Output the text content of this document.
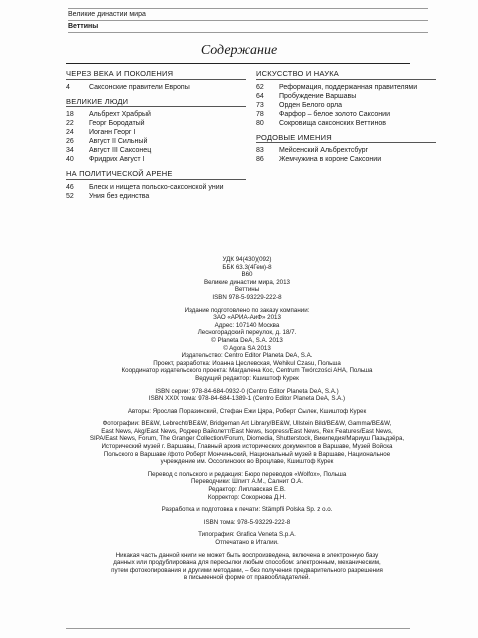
Великие династии мира
Веттины
Содержание
ЧЕРЕЗ ВЕКА И ПОКОЛЕНИЯ
4	Саксонские правители Европы
ВЕЛИКИЕ ЛЮДИ
18	Альбрехт Храбрый
22	Георг Бородатый
24	Иоганн Георг I
26	Август II Сильный
34	Август III Саксонец
40	Фридрих Август I
НА ПОЛИТИЧЕСКОЙ АРЕНЕ
46	Блеск и нищета польско-саксонской унии
52	Уния без единства
ИСКУССТВО И НАУКА
62	Реформация, поддержанная правителями
64	Пробуждение Варшавы
73	Орден Белого орла
78	Фарфор – белое золото Саксонии
80	Сокровища саксонских Веттинов
РОДОВЫЕ ИМЕНИЯ
83	Мейсенский Альбрехтсбург
86	Жемчужина в короне Саксонии
УДК 94(430)(092)
ББК 63.3(4Гем)-8
В60
Великие династии мира, 2013
Веттины
ISBN 978-5-93229-222-8
Издание подготовлено по заказу компании:
ЗАО «АРИА-АиФ» 2013
Адрес: 107140 Москва
Лесногорадский переулок, д. 18/7.
© Planeta DeA, S.A. 2013
© Agora SA 2013
Издательство: Centro Editor Planeta DeA, S.A.
Проект, разработка: Иоанна Цеслевская, Wehikul Czasu, Польша
Координатор издательского проекта: Магдалена Кос, Centrum Twórczości AHA, Польша
Ведущий редактор: Кшиштоф Курек
ISBN серии: 978-84-684-0932-0 (Centro Editor Planeta DeA, S.A.)
ISBN XXIX тома: 978-84-684-1389-1 (Centro Editor Planeta DeA, S.A.)
Авторы: Ярослав Поразинский, Стефан Ежи Цяра, Роберт Сылек, Кшиштоф Курек
Фотографии: BE&W, Lebrecht/BE&W, Bridgeman Art Library/BE&W, Ullstein Bild/BE&W, Gamma/BE&W,
East News, Akg/East News, Роджер Вайолетт/East News, Isopress/East News, Rex Features/East News,
SIPA/East News, Forum, The Granger Collection/Forum, Diomedia, Shutterstock, Википедия/Мариуш Пазьдзёра,
Исторический музей г. Варшавы, Главный архив исторических документов в Варшаве, Музей Войска
Польского в Варшаве /фото Роберт Мончиньский, Национальный музей в Варшаве, Национальное
учреждение им. Оссолинских во Вроцлаве, Кшиштоф Курек
Перевод с польского и редакция: Бюро переводов «Wolfox», Польша
Переводчики: Шпигт А.М., Салнит О.А.
Редактор: Липлавская Е.В.
Корректор: Сокорнова Д.Н.
Разработка и подготовка к печати: Stämpfli Polska Sp. z o.o.
ISBN тома: 978-5-93229-222-8
Типография: Grafica Veneta S.p.A.
Отпечатано в Италии.
Никакая часть данной книги не может быть воспроизведена, включена в электронную базу
данных или продублирована для пересылки любым способом: электронным, механическим,
путем фотокопирования и другими методами, – без получения предварительного разрешения
в письменной форме от правообладателей.
